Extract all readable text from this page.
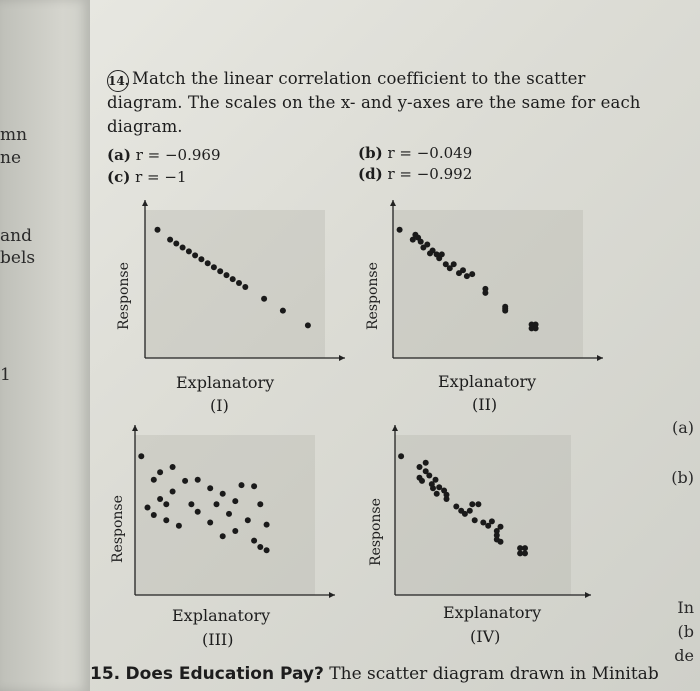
mn
ne
and
bels
1
(a)
(b)
In
(b
de
14. Match the linear correlation coefficient to the scatter
diagram. The scales on the x- and y-axes are the same for each
diagram.
(a) r = −0.969	(b) r = −0.049
(c) r = −1	(d) r = −0.992
Response
Explanatory
(I)
Response
Explanatory
(II)
Response
Explanatory
(III)
Response
Explanatory
(IV)
15. Does Education Pay? The scatter diagram drawn in Minitab
